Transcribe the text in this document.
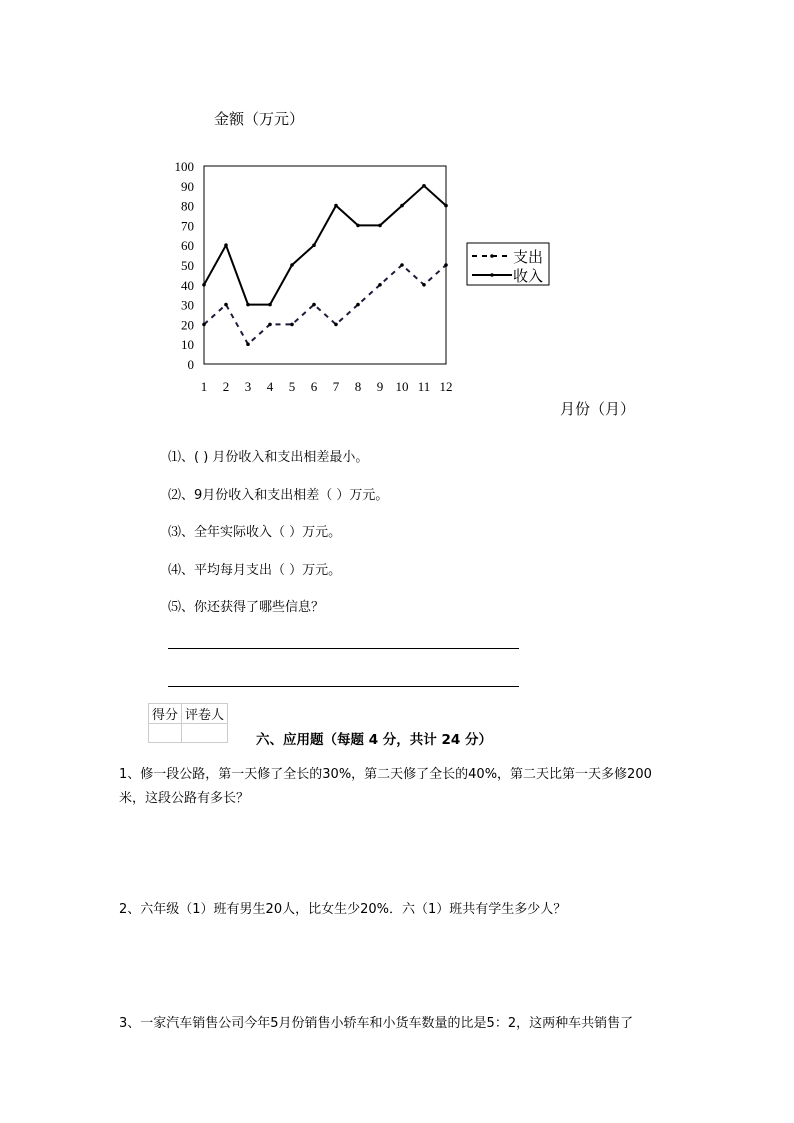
金额（万元）
0
10
20
30
40
50
60
70
80
90
100
1 2 3 4 5 6 7 8 9 10 11 12
支出
收入
月份（月）
⑴、( ) 月份收入和支出相差最小。
⑵、9月份收入和支出相差（ ）万元。
⑶、全年实际收入（ ）万元。
⑷、平均每月支出（ ）万元。
⑸、你还获得了哪些信息？
得分	评卷人

六、应用题（每题 4 分，共计 24 分）
1、修一段公路，第一天修了全长的30%，第二天修了全长的40%，第二天比第一天多修200
米，这段公路有多长？
2、六年级（1）班有男生20人，比女生少20%．六（1）班共有学生多少人？
3、一家汽车销售公司今年5月份销售小轿车和小货车数量的比是5：2，这两种车共销售了
